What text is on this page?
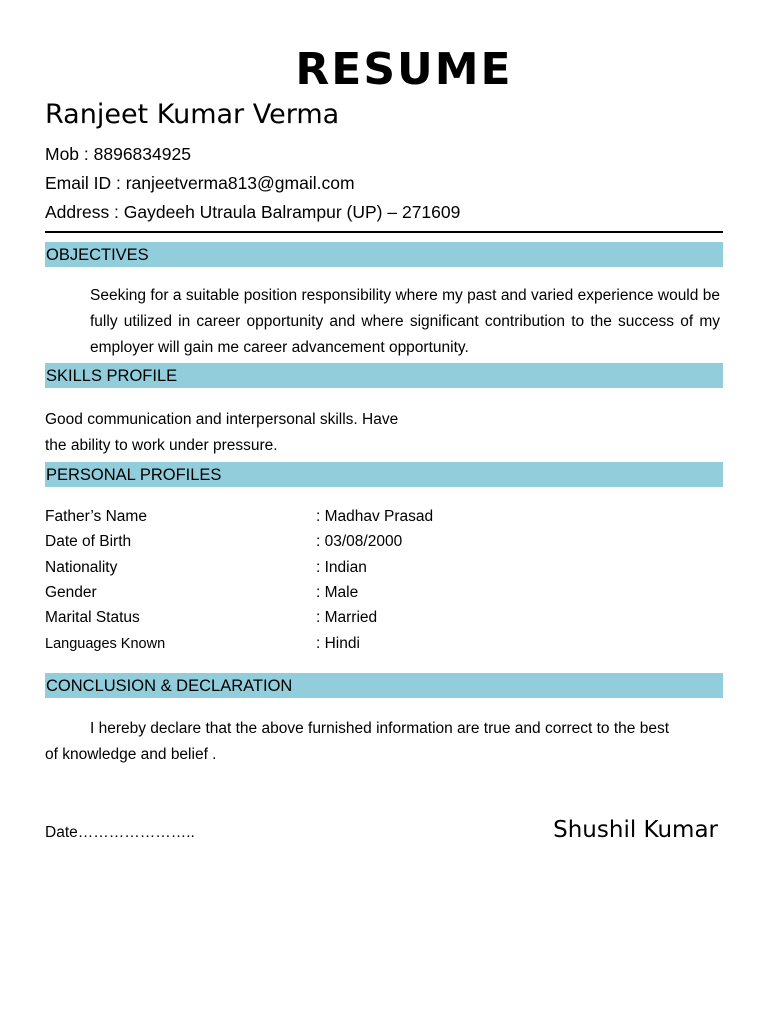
RESUME
Ranjeet Kumar Verma
Mob : 8896834925
Email ID : ranjeetverma813@gmail.com
Address : Gaydeeh Utraula Balrampur (UP) – 271609
OBJECTIVES
Seeking for a suitable position responsibility where my past and varied experience would be fully utilized in career opportunity and where significant contribution to the success of my employer will gain me career advancement opportunity.
SKILLS PROFILE
Good communication and interpersonal skills. Have
the ability to work under pressure.
PERSONAL PROFILES
Father’s Name	: Madhav Prasad
Date of Birth	: 03/08/2000
Nationality	: Indian
Gender	: Male
Marital Status	: Married
Languages Known	: Hindi
CONCLUSION & DECLARATION
I hereby declare that the above furnished information are true and correct to the best
of knowledge and belief .
Date…………………..	Shushil Kumar
